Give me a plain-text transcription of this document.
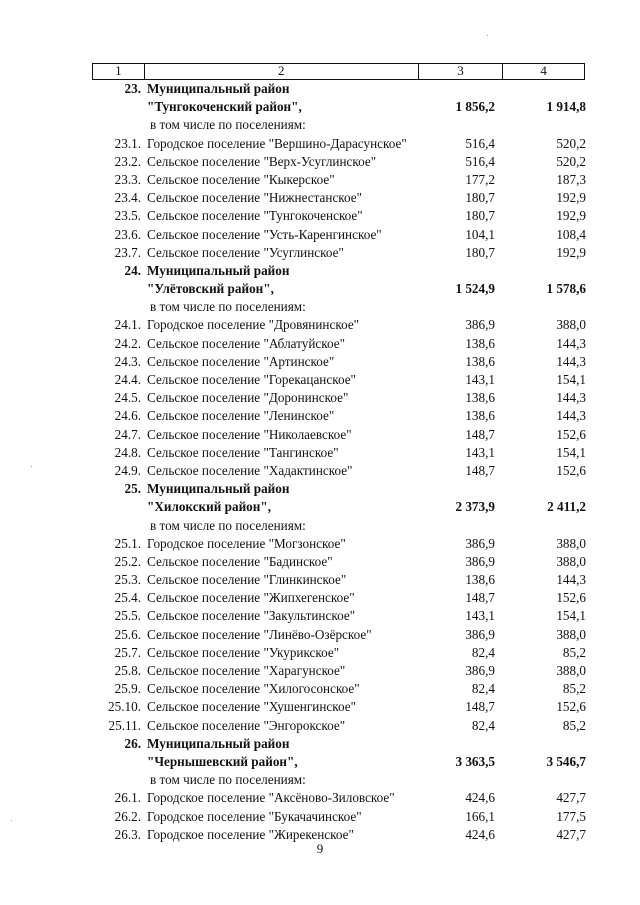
1	2	3	4
23. Муниципальный район
"Тунгокоченский район",	1 856,2	1 914,8
в том числе по поселениям:
23.1. Городское поселение "Вершино-Дарасунское"	516,4	520,2
23.2. Сельское поселение "Верх-Усуглинское"	516,4	520,2
23.3. Сельское поселение "Кыкерское"	177,2	187,3
23.4. Сельское поселение "Нижнестанское"	180,7	192,9
23.5. Сельское поселение "Тунгокоченское"	180,7	192,9
23.6. Сельское поселение "Усть-Каренгинское"	104,1	108,4
23.7. Сельское поселение "Усуглинское"	180,7	192,9
24. Муниципальный район
"Улётовский район",	1 524,9	1 578,6
в том числе по поселениям:
24.1. Городское поселение "Дровянинское"	386,9	388,0
24.2. Сельское поселение "Аблатуйское"	138,6	144,3
24.3. Сельское поселение "Артинское"	138,6	144,3
24.4. Сельское поселение "Горекацанское"	143,1	154,1
24.5. Сельское поселение "Доронинское"	138,6	144,3
24.6. Сельское поселение "Ленинское"	138,6	144,3
24.7. Сельское поселение "Николаевское"	148,7	152,6
24.8. Сельское поселение "Тангинское"	143,1	154,1
24.9. Сельское поселение "Хадактинское"	148,7	152,6
25. Муниципальный район
"Хилокский район",	2 373,9	2 411,2
в том числе по поселениям:
25.1. Городское поселение "Могзонское"	386,9	388,0
25.2. Сельское поселение "Бадинское"	386,9	388,0
25.3. Сельское поселение "Глинкинское"	138,6	144,3
25.4. Сельское поселение "Жипхегенское"	148,7	152,6
25.5. Сельское поселение "Закультинское"	143,1	154,1
25.6. Сельское поселение "Линёво-Озёрское"	386,9	388,0
25.7. Сельское поселение "Укурикское"	82,4	85,2
25.8. Сельское поселение "Харагунское"	386,9	388,0
25.9. Сельское поселение "Хилогосонское"	82,4	85,2
25.10. Сельское поселение "Хушенгинское"	148,7	152,6
25.11. Сельское поселение "Энгорокское"	82,4	85,2
26. Муниципальный район
"Чернышевский район",	3 363,5	3 546,7
в том числе по поселениям:
26.1. Городское поселение "Аксёново-Зиловское"	424,6	427,7
26.2. Городское поселение "Букачачинское"	166,1	177,5
26.3. Городское поселение "Жирекенское"	424,6	427,7
9
